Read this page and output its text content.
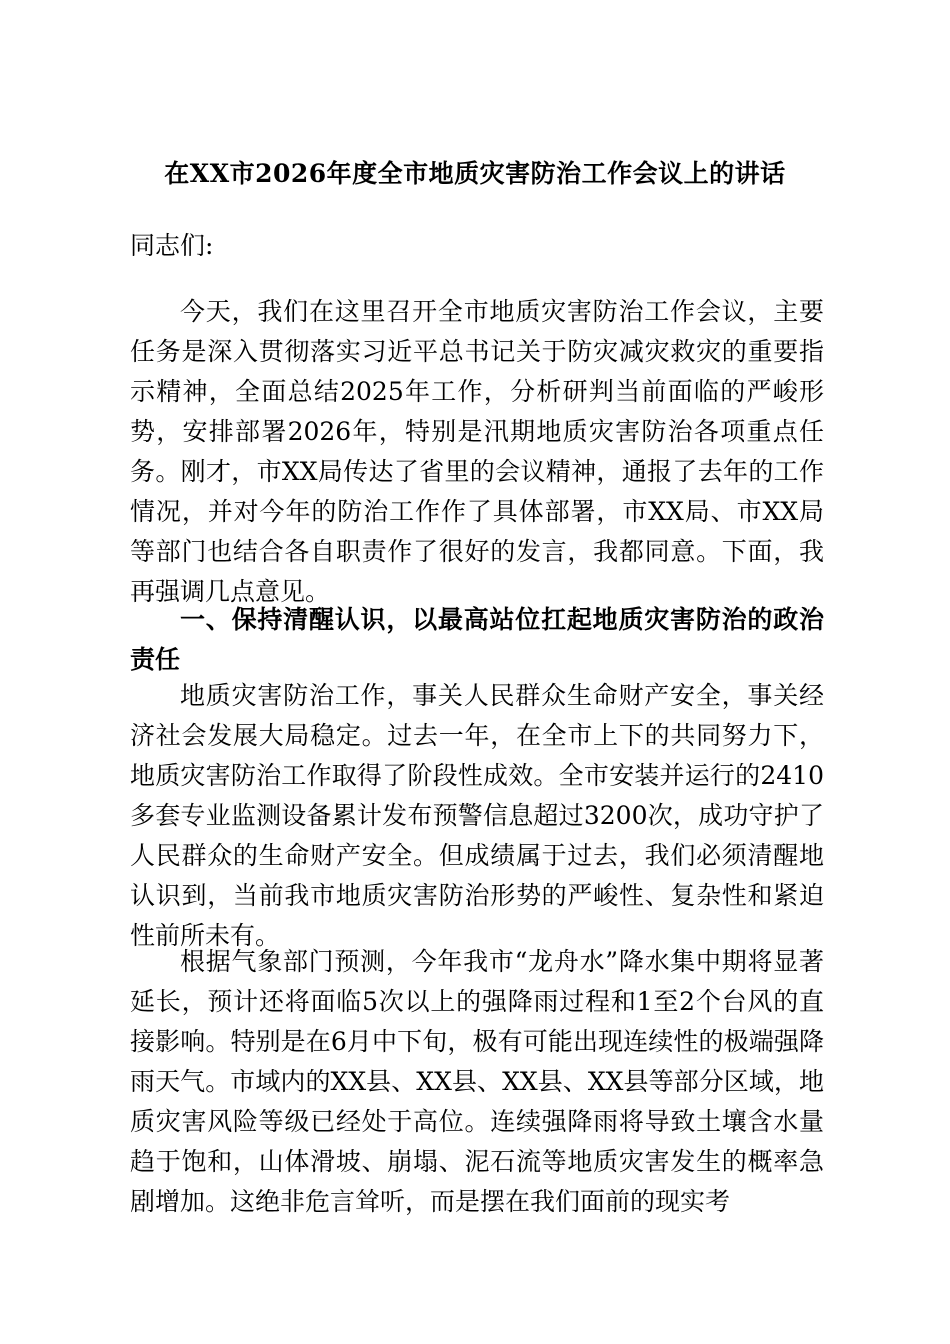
在XX市2026年度全市地质灾害防治工作会议上的讲话
同志们:

今天，我们在这里召开全市地质灾害防治工作会议，主要任务是深入贯彻落实习近平总书记关于防灾减灾救灾的重要指示精神，全面总结2025年工作，分析研判当前面临的严峻形势，安排部署2026年，特别是汛期地质灾害防治各项重点任务。刚才，市XX局传达了省里的会议精神，通报了去年的工作情况，并对今年的防治工作作了具体部署，市XX局、市XX局等部门也结合各自职责作了很好的发言，我都同意。下面，我再强调几点意见。

一、保持清醒认识，以最高站位扛起地质灾害防治的政治责任

地质灾害防治工作，事关人民群众生命财产安全，事关经济社会发展大局稳定。过去一年，在全市上下的共同努力下，地质灾害防治工作取得了阶段性成效。全市安装并运行的2410多套专业监测设备累计发布预警信息超过3200次，成功守护了人民群众的生命财产安全。但成绩属于过去，我们必须清醒地认识到，当前我市地质灾害防治形势的严峻性、复杂性和紧迫性前所未有。

根据气象部门预测，今年我市“龙舟水”降水集中期将显著延长，预计还将面临5次以上的强降雨过程和1至2个台风的直接影响。特别是在6月中下旬，极有可能出现连续性的极端强降雨天气。市域内的XX县、XX县、XX县、XX县等部分区域，地质灾害风险等级已经处于高位。连续强降雨将导致土壤含水量趋于饱和，山体滑坡、崩塌、泥石流等地质灾害发生的概率急剧增加。这绝非危言耸听，而是摆在我们面前的现实考
